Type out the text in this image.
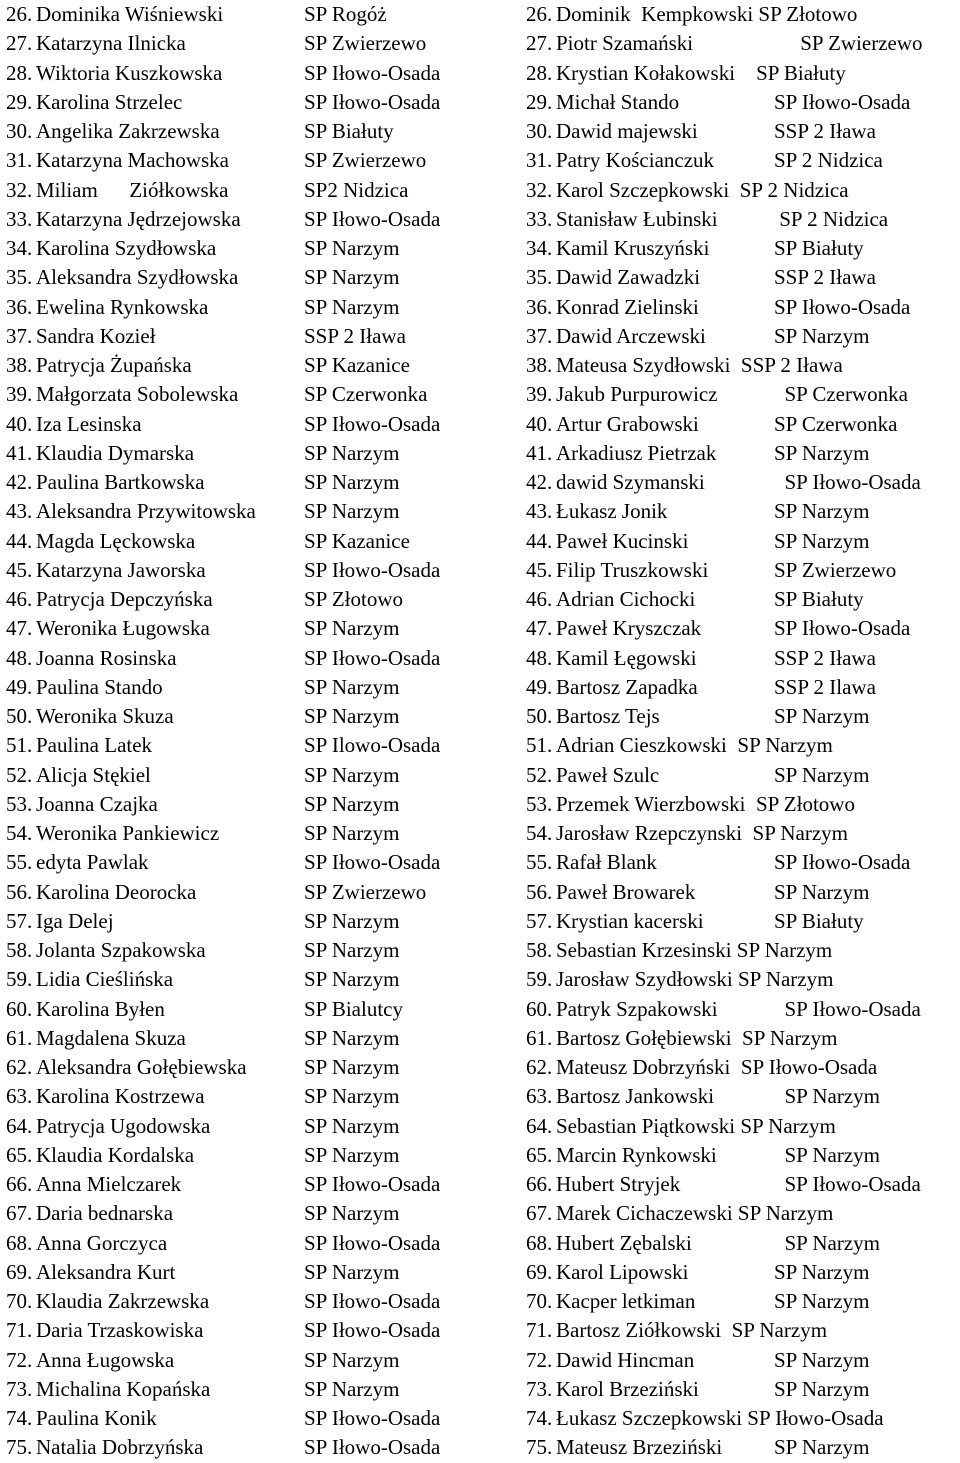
26. Dominika Wiśniewski	SP Rogóż
27. Katarzyna Ilnicka	SP Zwierzewo
28. Wiktoria Kuszkowska	SP Iłowo-Osada
29. Karolina Strzelec	SP Iłowo-Osada
30. Angelika Zakrzewska	SP Białuty
31. Katarzyna Machowska	SP Zwierzewo
32. Miliam      Ziółkowska	SP2 Nidzica
33. Katarzyna Jędrzejowska	SP Iłowo-Osada
34. Karolina Szydłowska	SP Narzym
35. Aleksandra Szydłowska	SP Narzym
36. Ewelina Rynkowska	SP Narzym
37. Sandra Kozieł	SSP 2 Iława
38. Patrycja Żupańska	SP Kazanice
39. Małgorzata Sobolewska	SP Czerwonka
40. Iza Lesinska	SP Iłowo-Osada
41. Klaudia Dymarska	SP Narzym
42. Paulina Bartkowska	SP Narzym
43. Aleksandra Przywitowska SP Narzym
44. Magda Lęckowska	SP Kazanice
45. Katarzyna Jaworska	SP Iłowo-Osada
46. Patrycja Depczyńska	SP Złotowo
47. Weronika Ługowska	SP Narzym
48. Joanna Rosinska	SP Iłowo-Osada
49. Paulina Stando	SP Narzym
50. Weronika Skuza	SP Narzym
51. Paulina Latek	SP Ilowo-Osada
52. Alicja Stękiel	SP Narzym
53. Joanna Czajka	SP Narzym
54. Weronika Pankiewicz	SP Narzym
55. edyta Pawlak	SP Iłowo-Osada
56. Karolina Deorocka	SP Zwierzewo
57. Iga Delej	SP Narzym
58. Jolanta Szpakowska	SP Narzym
59. Lidia Cieślińska	SP Narzym
60. Karolina Byłen	SP Bialutcy
61. Magdalena Skuza	SP Narzym
62. Aleksandra Gołębiewska	SP Narzym
63. Karolina Kostrzewa	SP Narzym
64. Patrycja Ugodowska	SP Narzym
65. Klaudia Kordalska	SP Narzym
66. Anna Mielczarek	SP Iłowo-Osada
67. Daria bednarska	SP Narzym
68. Anna Gorczyca	SP Iłowo-Osada
69. Aleksandra Kurt	SP Narzym
70. Klaudia Zakrzewska	SP Iłowo-Osada
71. Daria Trzaskowiska	SP Iłowo-Osada
72. Anna Ługowska	SP Narzym
73. Michalina Kopańska	SP Narzym
74. Paulina Konik	SP Iłowo-Osada
75. Natalia Dobrzyńska	SP Iłowo-Osada
26. Dominik  Kempkowski SP Złotowo
27. Piotr Szamański	SP Zwierzewo
28. Krystian Kołakowski    SP Białuty
29. Michał Stando	SP Iłowo-Osada
30. Dawid majewski	SSP 2 Iława
31. Patry Kościanczuk	SP 2 Nidzica
32. Karol Szczepkowski  SP 2 Nidzica
33. Stanisław Łubinski	SP 2 Nidzica
34. Kamil Kruszyński	SP Białuty
35. Dawid Zawadzki	SSP 2 Iława
36. Konrad Zielinski	SP Iłowo-Osada
37. Dawid Arczewski	SP Narzym
38. Mateusa Szydłowski  SSP 2 Iława
39. Jakub Purpurowicz	SP Czerwonka
40. Artur Grabowski	SP Czerwonka
41. Arkadiusz Pietrzak	SP Narzym
42. dawid Szymanski	SP Iłowo-Osada
43. Łukasz Jonik	SP Narzym
44. Paweł Kucinski	SP Narzym
45. Filip Truszkowski	SP Zwierzewo
46. Adrian Cichocki	SP Białuty
47. Paweł Kryszczak	SP Iłowo-Osada
48. Kamil Łęgowski	SSP 2 Iława
49. Bartosz Zapadka	SSP 2 Ilawa
50. Bartosz Tejs	SP Narzym
51. Adrian Cieszkowski  SP Narzym
52. Paweł Szulc	SP Narzym
53. Przemek Wierzbowski  SP Złotowo
54. Jarosław Rzepczynski  SP Narzym
55. Rafał Blank	SP Iłowo-Osada
56. Paweł Browarek	SP Narzym
57. Krystian kacerski	SP Białuty
58. Sebastian Krzesinski SP Narzym
59. Jarosław Szydłowski SP Narzym
60. Patryk Szpakowski	SP Iłowo-Osada
61. Bartosz Gołębiewski  SP Narzym
62. Mateusz Dobrzyński  SP Iłowo-Osada
63. Bartosz Jankowski	SP Narzym
64. Sebastian Piątkowski SP Narzym
65. Marcin Rynkowski	SP Narzym
66. Hubert Stryjek	SP Iłowo-Osada
67. Marek Cichaczewski SP Narzym
68. Hubert Zębalski	SP Narzym
69. Karol Lipowski	SP Narzym
70. Kacper letkiman	SP Narzym
71. Bartosz Ziółkowski  SP Narzym
72. Dawid Hincman	SP Narzym
73. Karol Brzeziński	SP Narzym
74. Łukasz Szczepkowski SP Iłowo-Osada
75. Mateusz Brzeziński SP Narzym
